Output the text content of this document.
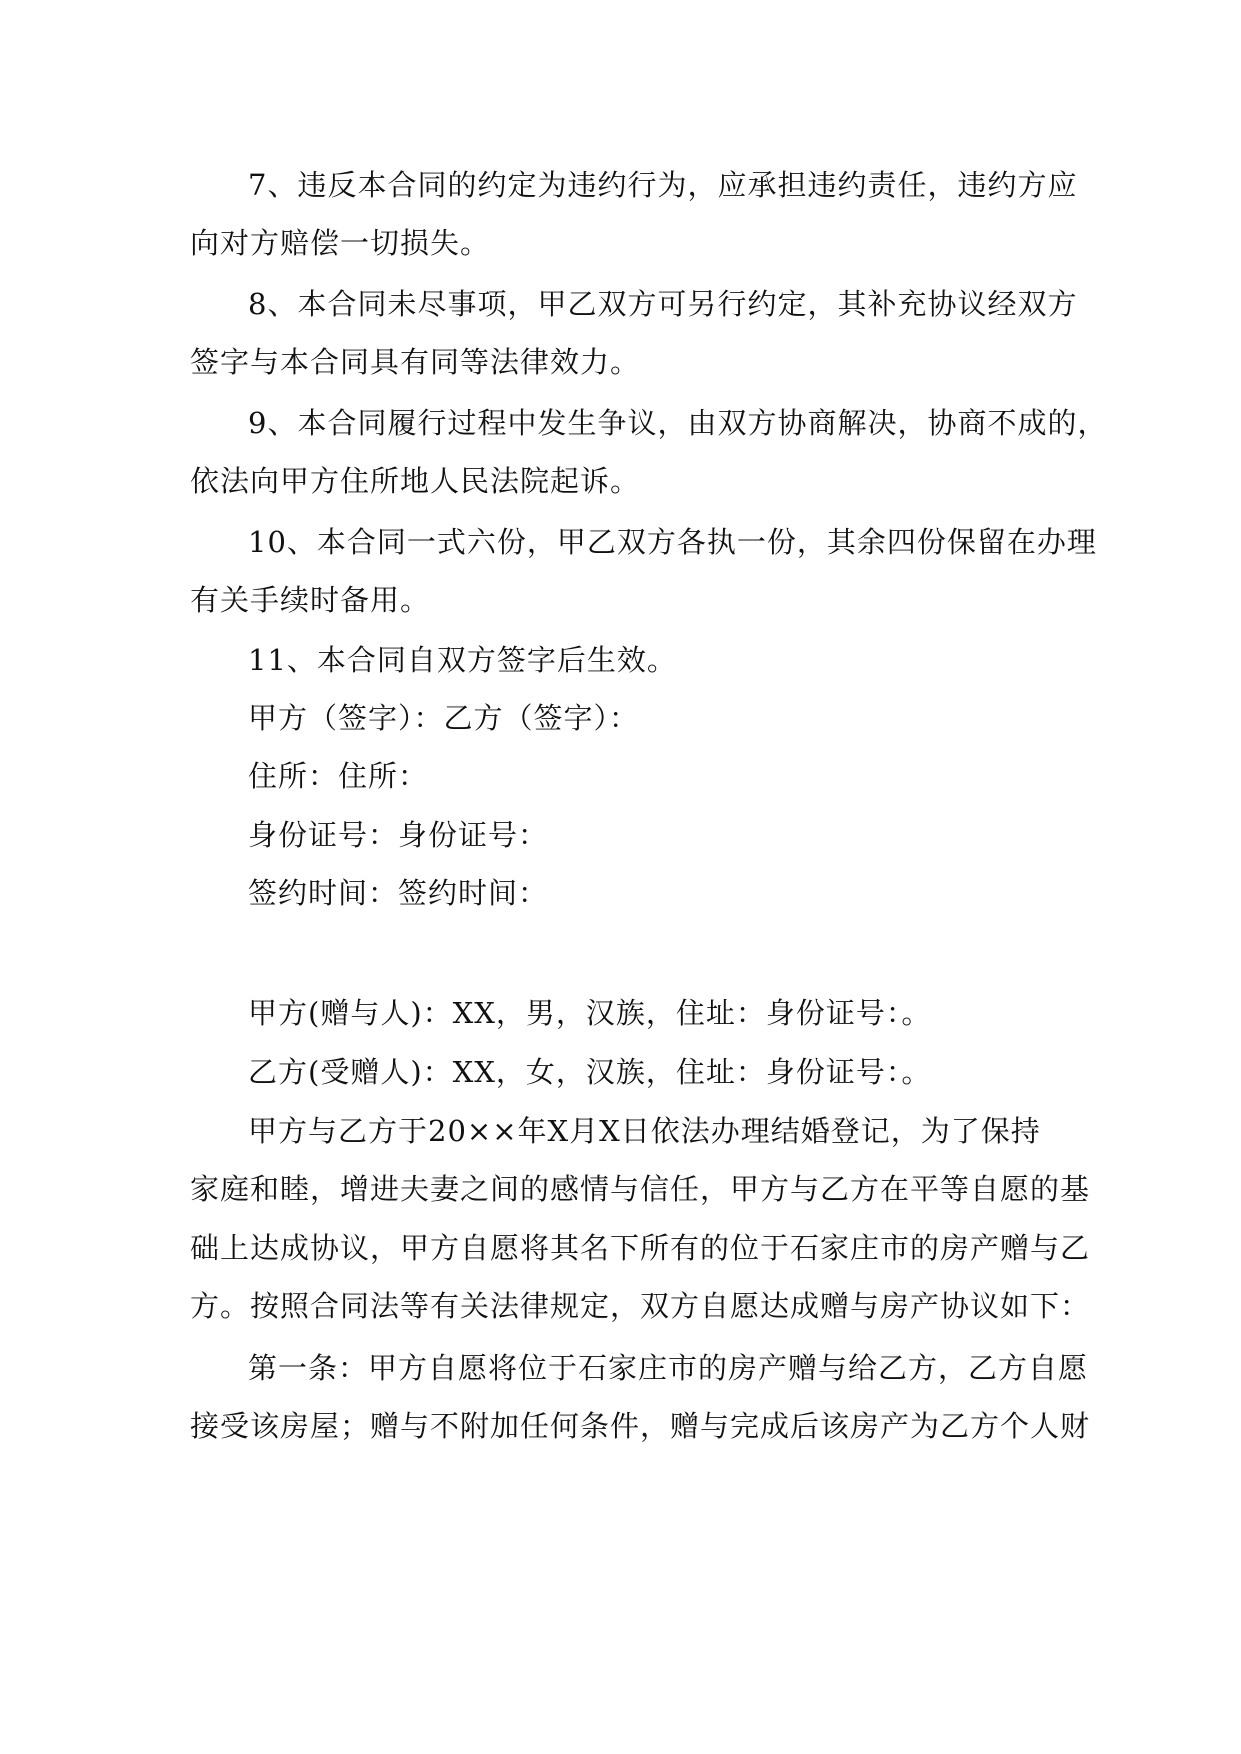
7、违反本合同的约定为违约行为，应承担违约责任，违约方应
向对方赔偿一切损失。
8、本合同未尽事项，甲乙双方可另行约定，其补充协议经双方
签字与本合同具有同等法律效力。
9、本合同履行过程中发生争议，由双方协商解决，协商不成的，
依法向甲方住所地人民法院起诉。
10、本合同一式六份，甲乙双方各执一份，其余四份保留在办理
有关手续时备用。
11、本合同自双方签字后生效。
甲方（签字）：乙方（签字）：
住所：住所：
身份证号：身份证号：
签约时间：签约时间：
甲方(赠与人)：XX，男，汉族，住址：身份证号：。
乙方(受赠人)：XX，女，汉族，住址：身份证号：。
甲方与乙方于20××年X月X日依法办理结婚登记，为了保持
家庭和睦，增进夫妻之间的感情与信任，甲方与乙方在平等自愿的基
础上达成协议，甲方自愿将其名下所有的位于石家庄市的房产赠与乙
方。按照合同法等有关法律规定，双方自愿达成赠与房产协议如下：
第一条：甲方自愿将位于石家庄市的房产赠与给乙方，乙方自愿
接受该房屋；赠与不附加任何条件，赠与完成后该房产为乙方个人财
